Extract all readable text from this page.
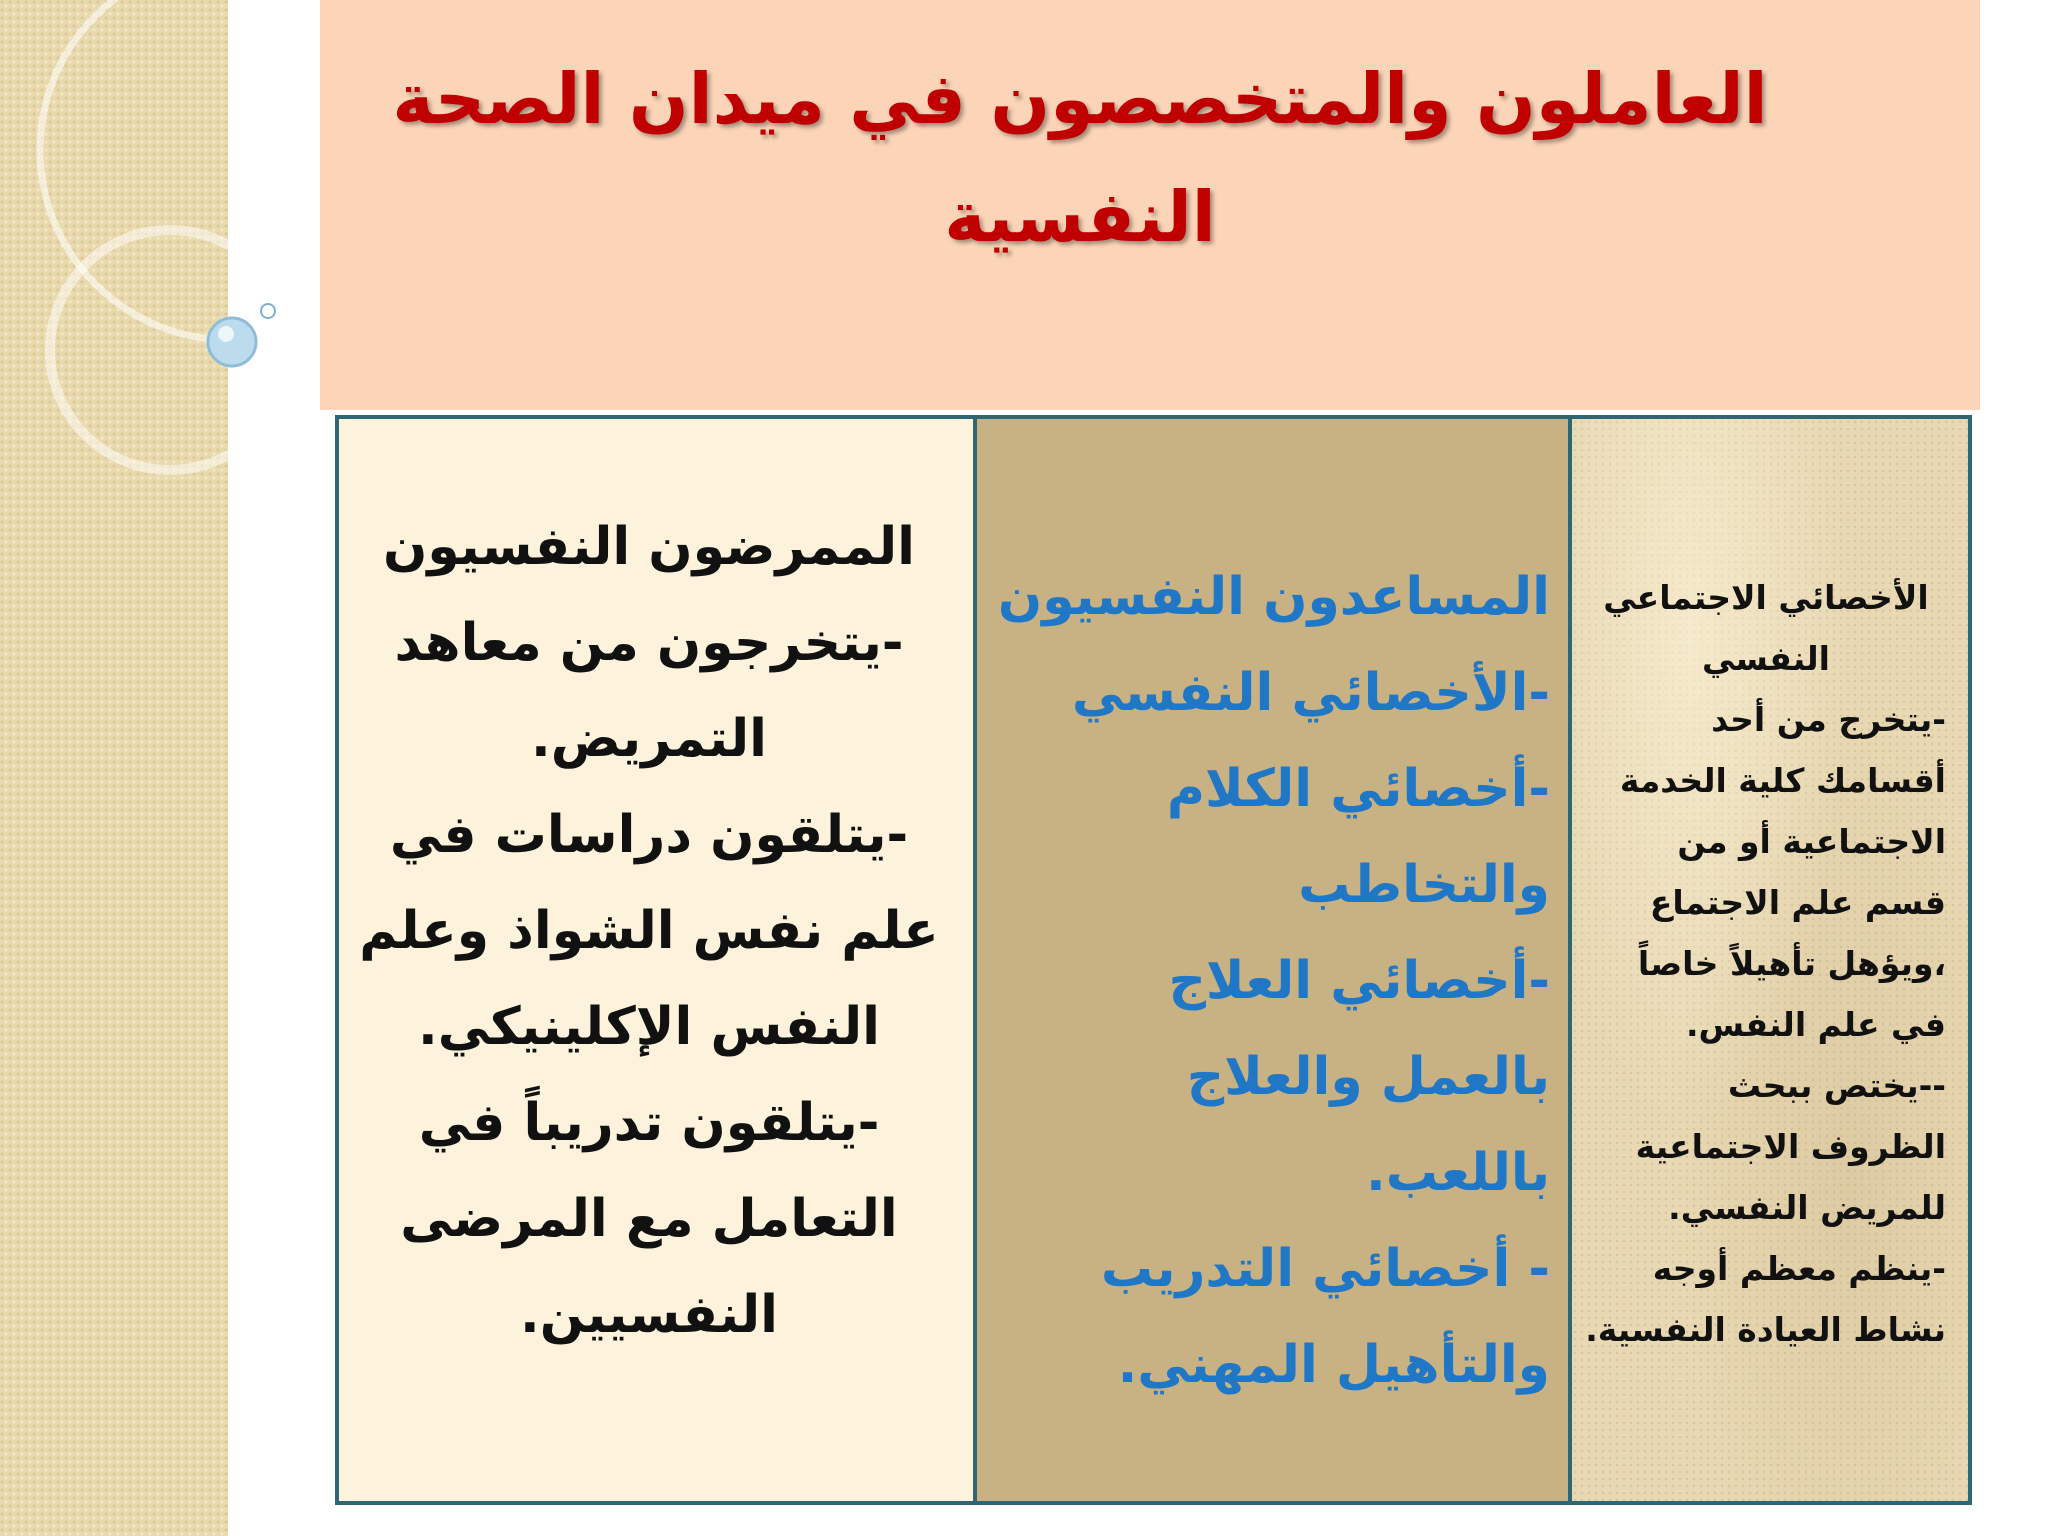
العاملون والمتخصصون في ميدان الصحة
النفسية
الأخصائي الاجتماعي
النفسي
-يتخرج من أحد
أقسامك كلية الخدمة
الاجتماعية أو من
قسم علم الاجتماع
،ويؤهل تأهيلاً خاصاً
في علم النفس.
--يختص ببحث
الظروف الاجتماعية
للمريض النفسي.
-ينظم معظم أوجه
نشاط العيادة النفسية.
المساعدون النفسيون
-الأخصائي النفسي
-أخصائي الكلام
والتخاطب
-أخصائي العلاج
بالعمل والعلاج
باللعب.
- أخصائي التدريب
والتأهيل المهني.
الممرضون النفسيون
-يتخرجون من معاهد
التمريض.
-يتلقون دراسات في
علم نفس الشواذ وعلم
النفس الإكلينيكي.
-يتلقون تدريباً في
التعامل مع المرضى
النفسيين.
